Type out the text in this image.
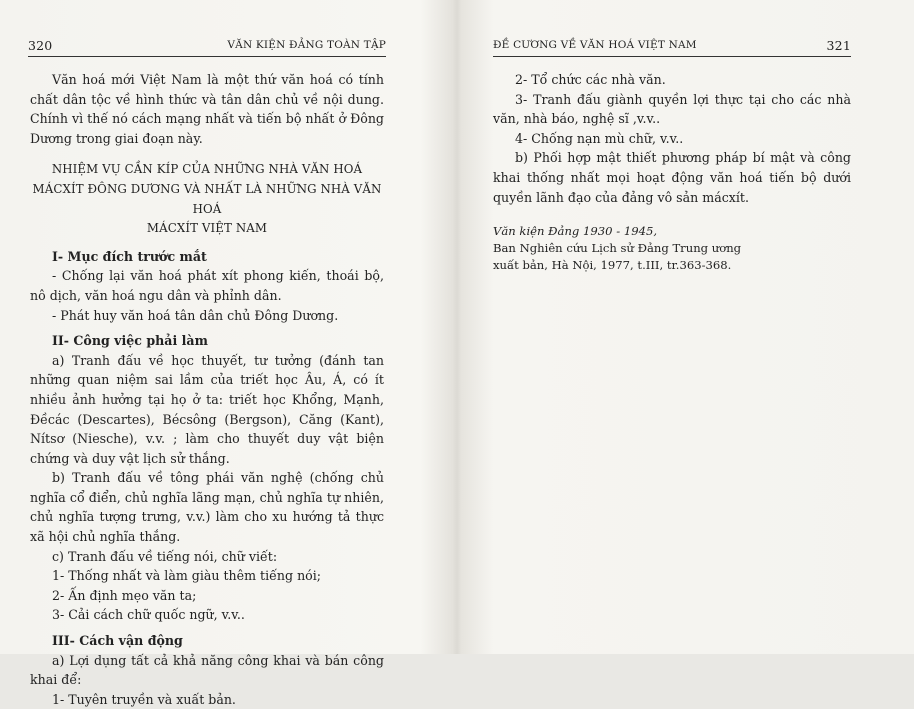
320	VĂN KIỆN ĐẢNG TOÀN TẬP

Văn hoá mới Việt Nam là một thứ văn hoá có tính chất dân tộc về hình thức và tân dân chủ về nội dung. Chính vì thế nó cách mạng nhất và tiến bộ nhất ở Đông Dương trong giai đoạn này.

NHIỆM VỤ CẦN KÍP CỦA NHỮNG NHÀ VĂN HOÁ
MÁCXÍT ĐÔNG DƯƠNG VÀ NHẤT LÀ NHỮNG NHÀ VĂN HOÁ
MÁCXÍT VIỆT NAM

I- Mục đích trước mắt

- Chống lại văn hoá phát xít phong kiến, thoái bộ, nô dịch, văn hoá ngu dân và phỉnh dân.

- Phát huy văn hoá tân dân chủ Đông Dương.

II- Công việc phải làm

a) Tranh đấu về học thuyết, tư tưởng (đánh tan những quan niệm sai lầm của triết học Âu, Á, có ít nhiều ảnh hưởng tại họ ở ta: triết học Khổng, Mạnh, Đềcác (Descartes), Bécsông (Bergson), Căng (Kant), Nítsơ (Niesche), v.v. ; làm cho thuyết duy vật biện chứng và duy vật lịch sử thắng.

b) Tranh đấu về tông phái văn nghệ (chống chủ nghĩa cổ điển, chủ nghĩa lãng mạn, chủ nghĩa tự nhiên, chủ nghĩa tượng trưng, v.v.) làm cho xu hướng tả thực xã hội chủ nghĩa thắng.

c) Tranh đấu về tiếng nói, chữ viết:

1- Thống nhất và làm giàu thêm tiếng nói;

2- Ấn định mẹo văn ta;

3- Cải cách chữ quốc ngữ, v.v..

III- Cách vận động

a) Lợi dụng tất cả khả năng công khai và bán công khai để:

1- Tuyên truyền và xuất bản.

ĐỀ CƯƠNG VỀ VĂN HOÁ VIỆT NAM	321

2- Tổ chức các nhà văn.

3- Tranh đấu giành quyền lợi thực tại cho các nhà văn, nhà báo, nghệ sĩ ,v.v..

4- Chống nạn mù chữ, v.v..

b) Phối hợp mật thiết phương pháp bí mật và công khai thống nhất mọi hoạt động văn hoá tiến bộ dưới quyền lãnh đạo của đảng vô sản mácxít.

Văn kiện Đảng 1930 - 1945,

Ban Nghiên cứu Lịch sử Đảng Trung ương

xuất bản, Hà Nội, 1977, t.III, tr.363-368.
